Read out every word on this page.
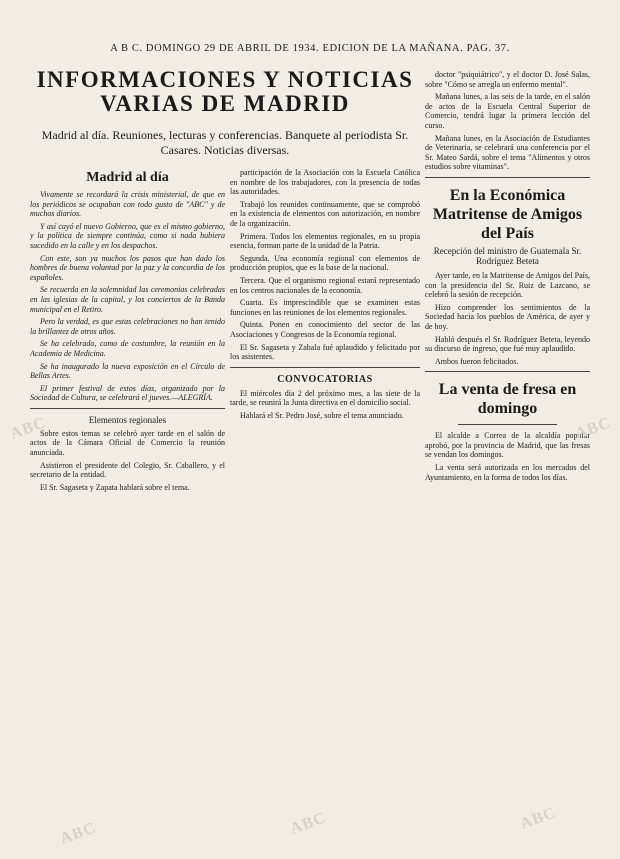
A B C. DOMINGO 29 DE ABRIL DE 1934. EDICION DE LA MAÑANA. PAG. 37.
INFORMACIONES Y NOTICIAS VARIAS DE MADRID
Madrid al día. Reuniones, lecturas y conferencias. Banquete al periodista Sr. Casares. Noticias diversas.
Madrid al día

Vivamente se recordará la crisis ministerial, de que en los periódicos se ocupaban con todo gusto de "ABC" y de muchos diarios.

Y así cayó el nuevo Gobierno, que es el mismo gobierno, y la política de siempre continúa, como si nada hubiera sucedido en la calle y en los despachos.

Con este, son ya muchos los pasos que han dado los hombres de buena voluntad por la paz y la concordia de los españoles.

Se recuerda en la solemnidad las ceremonias celebradas en las iglesias de la capital, y los conciertos de la Banda municipal en el Retiro.

Pero la verdad, es que estas celebraciones no han tenido la brillantez de otros años.

Se ha celebrado, como de costumbre, la reunión en la Academia de Medicina.

Se ha inaugurado la nueva exposición en el Círculo de Bellas Artes.

El primer festival de estos días, organizado por la Sociedad de Cultura, se celebrará el jueves.—ALEGRÍA.

Elementos regionales

Sobre estos temas se celebró ayer tarde en el salón de actos de la Cámara Oficial de Comercio la reunión anunciada.

Asistieron el presidente del Colegio, Sr. Caballero, y el secretario de la entidad.

El Sr. Sagaseta y Zapata hablará sobre el tema.

participación de la Asociación con la Escuela Católica en nombre de los trabajadores, con la presencia de todas las autoridades.

Trabajó los reunidos continuamente, que se comprobó en la existencia de elementos con autorización, en nombre de la organización.

Primera. Todos los elementos regionales, en su propia esencia, forman parte de la unidad de la Patria.

Segunda. Una economía regional con elementos de producción propios, que es la base de la nacional.

Tercera. Que el organismo regional estará representado en los centros nacionales de la economía.

Cuarta. Es imprescindible que se examinen estas funciones en las reuniones de los elementos regionales.

Quinta. Ponen en conocimiento del sector de las Asociaciones y Congresos de la Economía regional.

El Sr. Sagaseta y Zabala fué aplaudido y felicitado por los asistentes.

CONVOCATORIAS

El miércoles día 2 del próximo mes, a las siete de la tarde, se reunirá la Junta directiva en el domicilio social.

Hablará el Sr. Pedro José, sobre el tema anunciado.

doctor "psiquiátrico", y el doctor D. José Salas, sobre "Cómo se arregla un enfermo mental".

Mañana lunes, a las seis de la tarde, en el salón de actos de la Escuela Central Superior de Comercio, tendrá lugar la primera lección del curso.

Mañana lunes, en la Asociación de Estudiantes de Veterinaria, se celebrará una conferencia por el Sr. Mateo Sardá, sobre el tema "Alimentos y otros estudios sobre vitaminas".

En la Económica Matritense de Amigos del País
Recepción del ministro de Guatemala Sr. Rodríguez Beteta

Ayer tarde, en la Matritense de Amigos del País, con la presidencia del Sr. Ruiz de Lazcano, se celebró la sesión de recepción.

Hizo comprender los sentimientos de la Sociedad hacia los pueblos de América, de ayer y de hoy.

Habló después el Sr. Rodríguez Beteta, leyendo su discurso de ingreso, que fué muy aplaudido.

Ambos fueron felicitados.

La venta de fresa en domingo

El alcalde a Correa de la alcaldía popular aprobó, por la provincia de Madrid, que las fresas se vendan los domingos.

La venta será autorizada en los mercados del Ayuntamiento, en la forma de todos los días.

ABC
ABC	ABC	ABC
ABC
